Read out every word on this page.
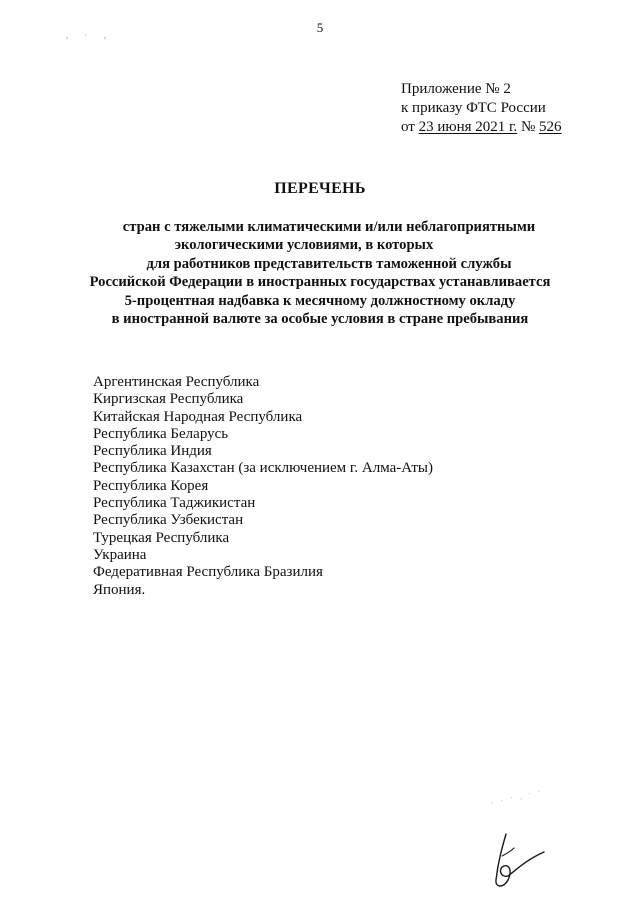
5
, · ,
Приложение № 2
к приказу ФТС России
от 23 июня 2021 г. № 526
ПЕРЕЧЕНЬ
стран с тяжелыми климатическими и/или неблагоприятными
экологическими условиями, в которых
для работников представительств таможенной службы
Российской Федерации в иностранных государствах устанавливается
5-процентная надбавка к месячному должностному окладу
в иностранной валюте за особые условия в стране пребывания
Аргентинская Республика
Киргизская Республика
Китайская Народная Республика
Республика Беларусь
Республика Индия
Республика Казахстан (за исключением г. Алма-Аты)
Республика Корея
Республика Таджикистан
Республика Узбекистан
Турецкая Республика
Украина
Федеративная Республика Бразилия
Япония.
· · · , · ·
